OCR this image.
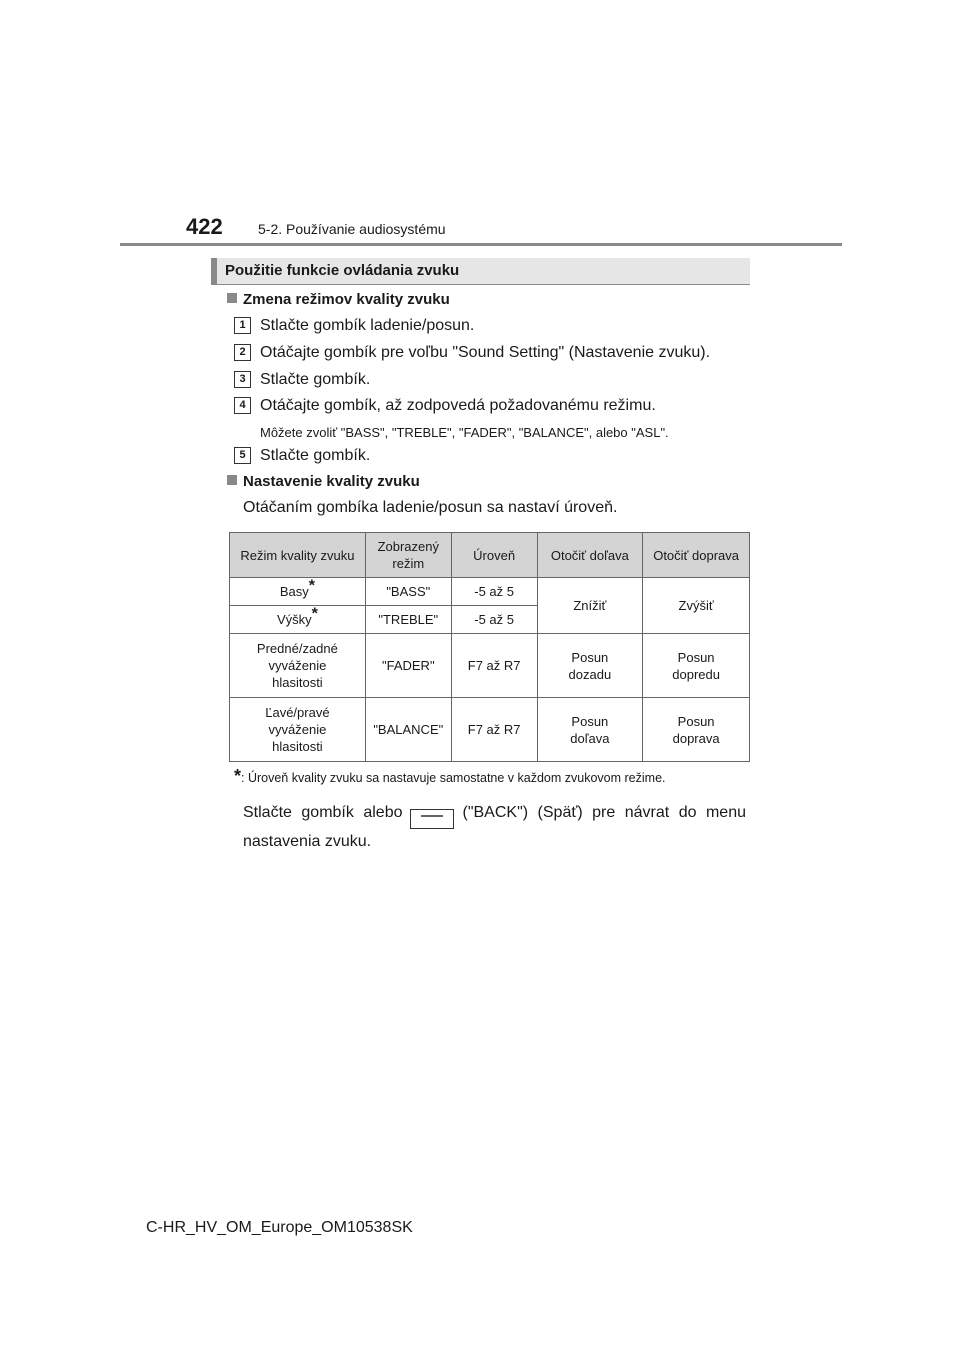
422	5-2. Používanie audiosystému
Použitie funkcie ovládania zvuku
Zmena režimov kvality zvuku
1 Stlačte gombík ladenie/posun.
2 Otáčajte gombík pre voľbu "Sound Setting" (Nastavenie zvuku).
3 Stlačte gombík.
4 Otáčajte gombík, až zodpovedá požadovanému režimu.
Môžete zvoliť "BASS", "TREBLE", "FADER", "BALANCE", alebo "ASL".
5 Stlačte gombík.
Nastavenie kvality zvuku
Otáčaním gombíka ladenie/posun sa nastaví úroveň.
Režim kvality zvuku	Zobrazený režim	Úroveň	Otočiť doľava	Otočiť doprava
Basy*	"BASS"	-5 až 5	Znížiť	Zvýšiť
Výšky*	"TREBLE"	-5 až 5		

Predné/zadné vyváženie hlasitosti	"FADER"	F7 až R7	Posun dozadu	Posun dopredu

Ľavé/pravé vyváženie hlasitosti	"BALANCE"	F7 až R7	Posun doľava	Posun doprava
*: Úroveň kvality zvuku sa nastavuje samostatne v každom zvukovom režime.
Stlačte gombík alebo	("BACK") (Späť) pre návrat do menu nastavenia zvuku.
C-HR_HV_OM_Europe_OM10538SK
